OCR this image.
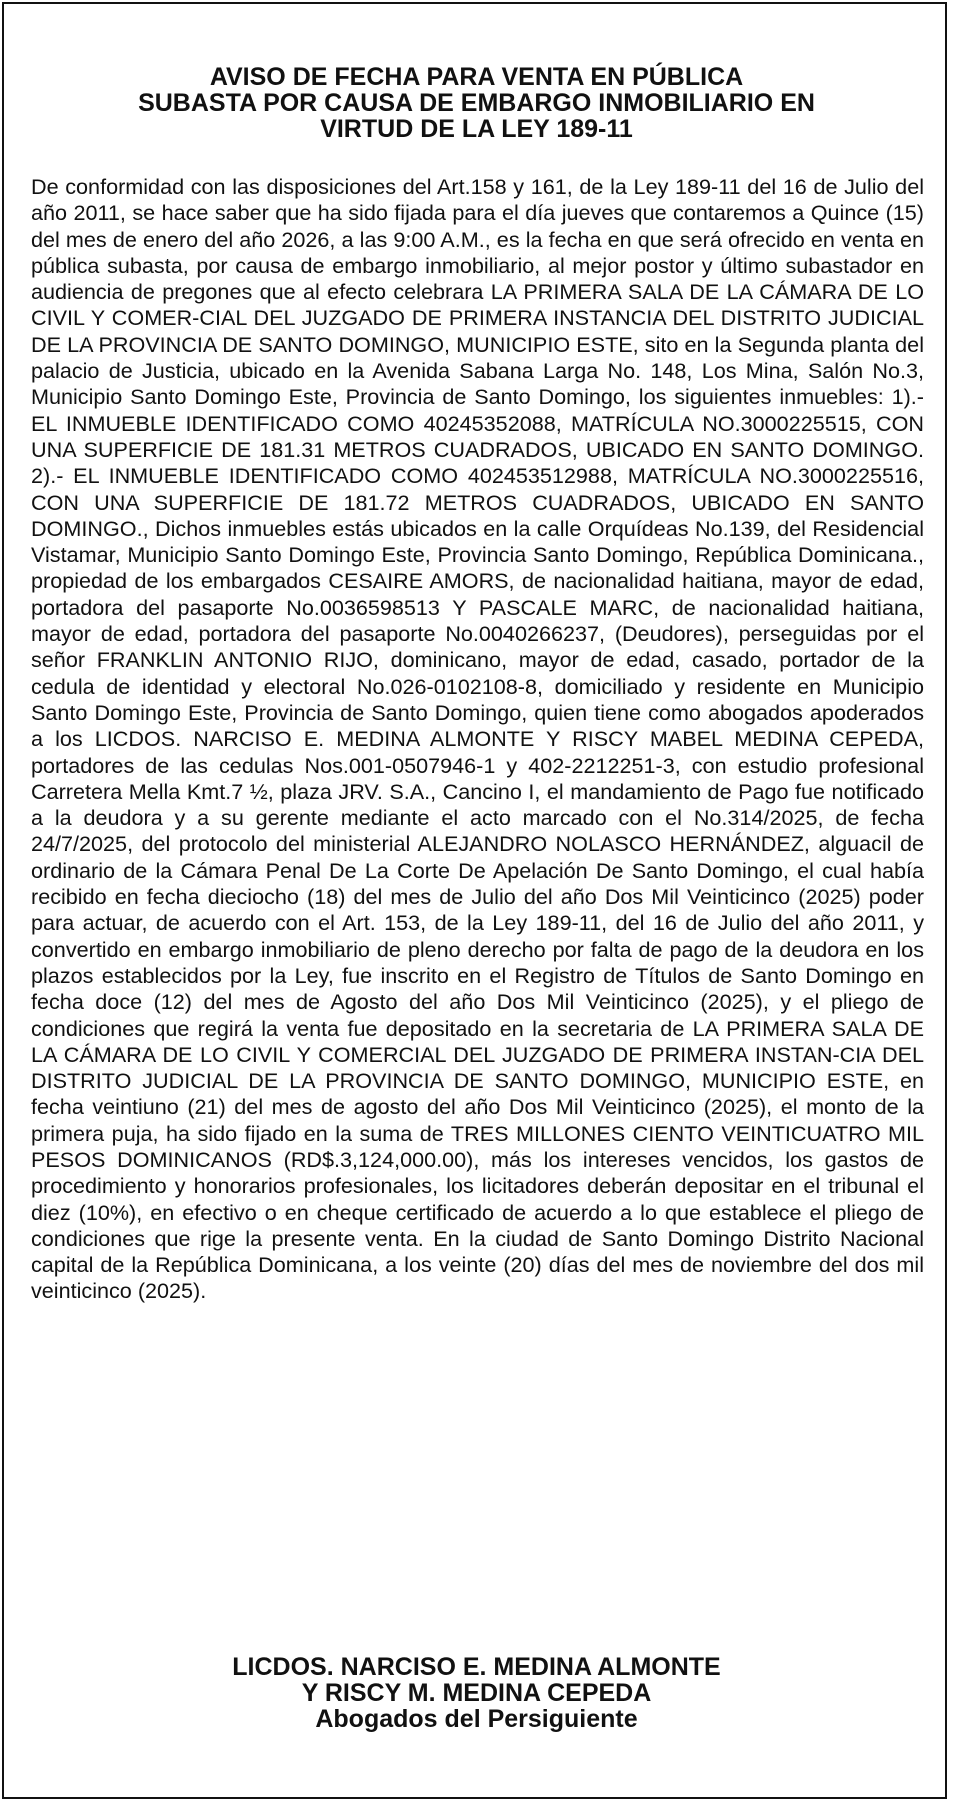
AVISO DE FECHA PARA VENTA EN PÚBLICA
SUBASTA POR CAUSA DE EMBARGO INMOBILIARIO EN
VIRTUD DE LA LEY 189-11

De conformidad con las disposiciones del Art.158 y 161, de la Ley 189-11 del 16 de Julio del año 2011, se hace saber que ha sido fijada para el día jueves que contaremos a Quince (15) del mes de enero del año 2026, a las 9:00 A.M., es la fecha en que será ofrecido en venta en pública subasta, por causa de embargo inmobiliario, al mejor postor y último subastador en audiencia de pregones que al efecto celebrara LA PRIMERA SALA DE LA CÁMARA DE LO CIVIL Y COMER-CIAL DEL JUZGADO DE PRIMERA INSTANCIA DEL DISTRITO JUDICIAL DE LA PROVINCIA DE SANTO DOMINGO, MUNICIPIO ESTE, sito en la Segunda planta del palacio de Justicia, ubicado en la Avenida Sabana Larga No. 148, Los Mina, Salón No.3, Municipio Santo Domingo Este, Provincia de Santo Domingo, los siguientes inmuebles: 1).- EL INMUEBLE IDENTIFICADO COMO 40245352088, MATRÍCULA NO.3000225515, CON UNA SUPERFICIE DE 181.31 METROS CUADRADOS, UBICADO EN SANTO DOMINGO. 2).- EL INMUEBLE IDENTIFICADO COMO 402453512988, MATRÍCULA NO.3000225516, CON UNA SUPERFICIE DE 181.72 METROS CUADRADOS, UBICADO EN SANTO DOMINGO., Dichos inmuebles estás ubicados en la calle Orquídeas No.139, del Residencial Vistamar, Municipio Santo Domingo Este, Provincia Santo Domingo, República Dominicana., propiedad de los embargados CESAIRE AMORS, de nacionalidad haitiana, mayor de edad, portadora del pasaporte No.0036598513 Y PASCALE MARC, de nacionalidad haitiana, mayor de edad, portadora del pasaporte No.0040266237, (Deudores), perseguidas por el señor FRANKLIN ANTONIO RIJO, dominicano, mayor de edad, casado, portador de la cedula de identidad y electoral No.026-0102108-8, domiciliado y residente en Municipio Santo Domingo Este, Provincia de Santo Domingo, quien tiene como abogados apoderados a los LICDOS. NARCISO E. MEDINA ALMONTE Y RISCY MABEL MEDINA CEPEDA, portadores de las cedulas Nos.001-0507946-1 y 402-2212251-3, con estudio profesional Carretera Mella Kmt.7 ½, plaza JRV. S.A., Cancino I, el mandamiento de Pago fue notificado a la deudora y a su gerente mediante el acto marcado con el No.314/2025, de fecha 24/7/2025, del protocolo del ministerial ALEJANDRO NOLASCO HERNÁNDEZ, alguacil de ordinario de la Cámara Penal De La Corte De Apelación De Santo Domingo, el cual había recibido en fecha dieciocho (18) del mes de Julio del año Dos Mil Veinticinco (2025) poder para actuar, de acuerdo con el Art. 153, de la Ley 189-11, del 16 de Julio del año 2011, y convertido en embargo inmobiliario de pleno derecho por falta de pago de la deudora en los plazos establecidos por la Ley, fue inscrito en el Registro de Títulos de Santo Domingo en fecha doce (12) del mes de Agosto del año Dos Mil Veinticinco (2025), y el pliego de condiciones que regirá la venta fue depositado en la secretaria de LA PRIMERA SALA DE LA CÁMARA DE LO CIVIL Y COMERCIAL DEL JUZGADO DE PRIMERA INSTAN-CIA DEL DISTRITO JUDICIAL DE LA PROVINCIA DE SANTO DOMINGO, MUNICIPIO ESTE, en fecha veintiuno (21) del mes de agosto del año Dos Mil Veinticinco (2025), el monto de la primera puja, ha sido fijado en la suma de TRES MILLONES CIENTO VEINTICUATRO MIL PESOS DOMINICANOS (RD$.3,124,000.00), más los intereses vencidos, los gastos de procedimiento y honorarios profesionales, los licitadores deberán depositar en el tribunal el diez (10%), en efectivo o en cheque certificado de acuerdo a lo que establece el pliego de condiciones que rige la presente venta. En la ciudad de Santo Domingo Distrito Nacional capital de la República Dominicana, a los veinte (20) días del mes de noviembre del dos mil veinticinco (2025).

LICDOS. NARCISO E. MEDINA ALMONTE
Y RISCY M. MEDINA CEPEDA
Abogados del Persiguiente
